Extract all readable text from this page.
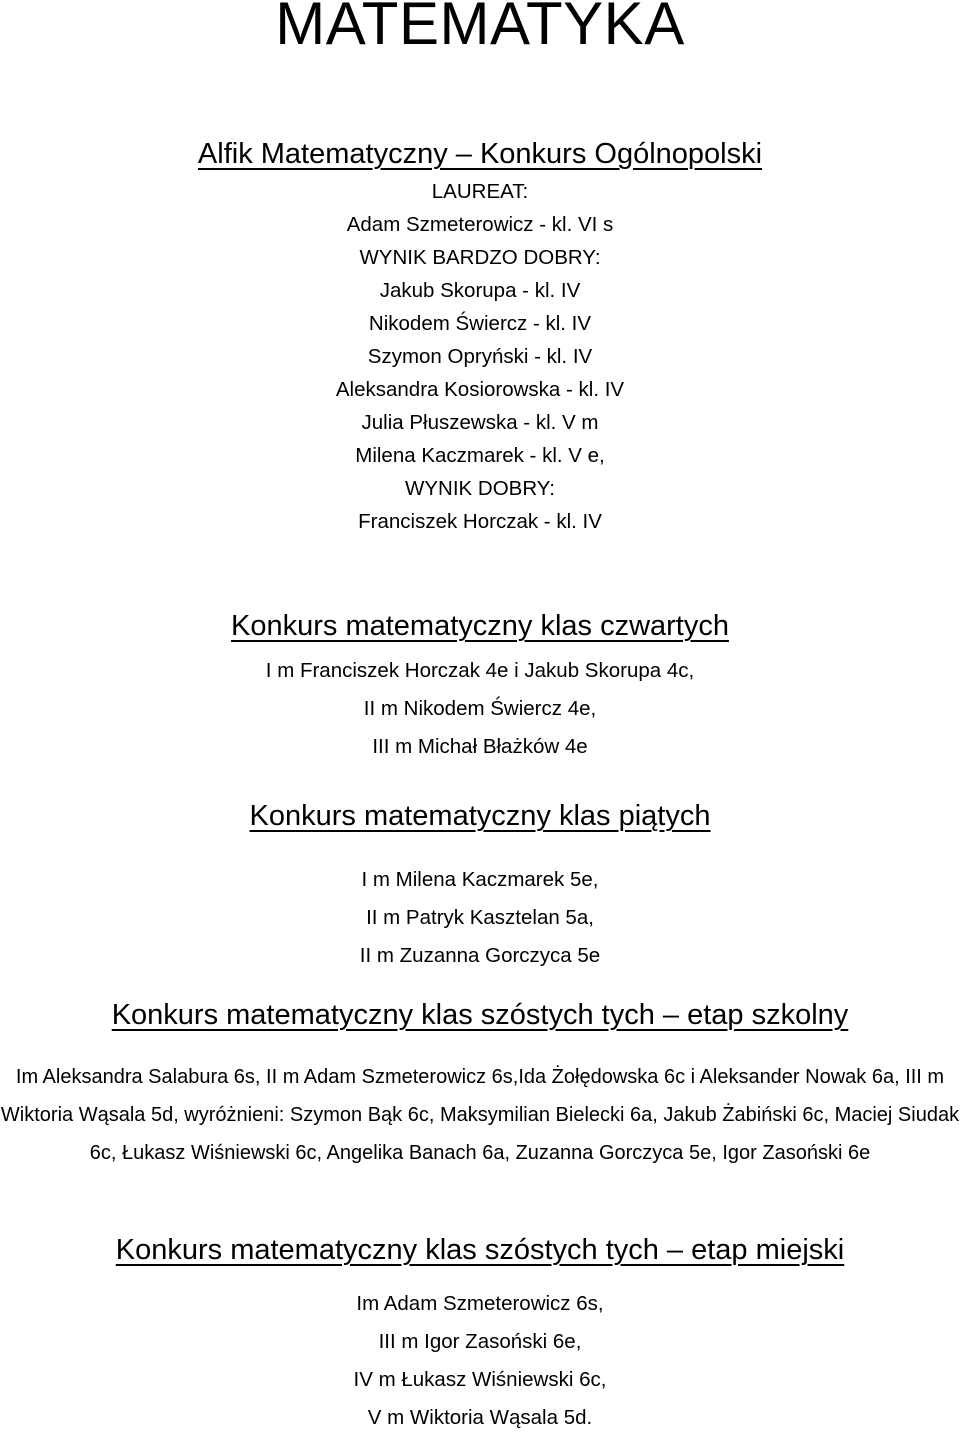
MATEMATYKA
Alfik Matematyczny – Konkurs Ogólnopolski
LAUREAT:
Adam Szmeterowicz - kl. VI s
WYNIK BARDZO DOBRY:
Jakub Skorupa - kl. IV
Nikodem Świercz - kl. IV
Szymon Opryński - kl. IV
Aleksandra Kosiorowska - kl. IV
Julia Płuszewska - kl. V m
Milena Kaczmarek - kl. V e,
WYNIK DOBRY:
Franciszek Horczak - kl. IV
Konkurs matematyczny klas czwartych
I m Franciszek Horczak 4e i Jakub Skorupa 4c,
II m Nikodem Świercz 4e,
III m Michał Błażków 4e
Konkurs matematyczny klas piątych
I m Milena Kaczmarek 5e,
II m Patryk Kasztelan 5a,
II m Zuzanna Gorczyca 5e
Konkurs matematyczny klas szóstych tych – etap szkolny
Im Aleksandra Salabura 6s, II m Adam Szmeterowicz 6s,Ida Żołędowska 6c i Aleksander Nowak 6a, III m Wiktoria Wąsala 5d, wyróżnieni: Szymon Bąk 6c, Maksymilian Bielecki 6a, Jakub Żabiński 6c, Maciej Siudak 6c, Łukasz Wiśniewski 6c, Angelika Banach 6a, Zuzanna Gorczyca 5e, Igor Zasoński 6e
Konkurs matematyczny klas szóstych tych – etap miejski
Im Adam Szmeterowicz 6s,
III m Igor Zasoński 6e,
IV m Łukasz Wiśniewski 6c,
V m Wiktoria Wąsala 5d.
